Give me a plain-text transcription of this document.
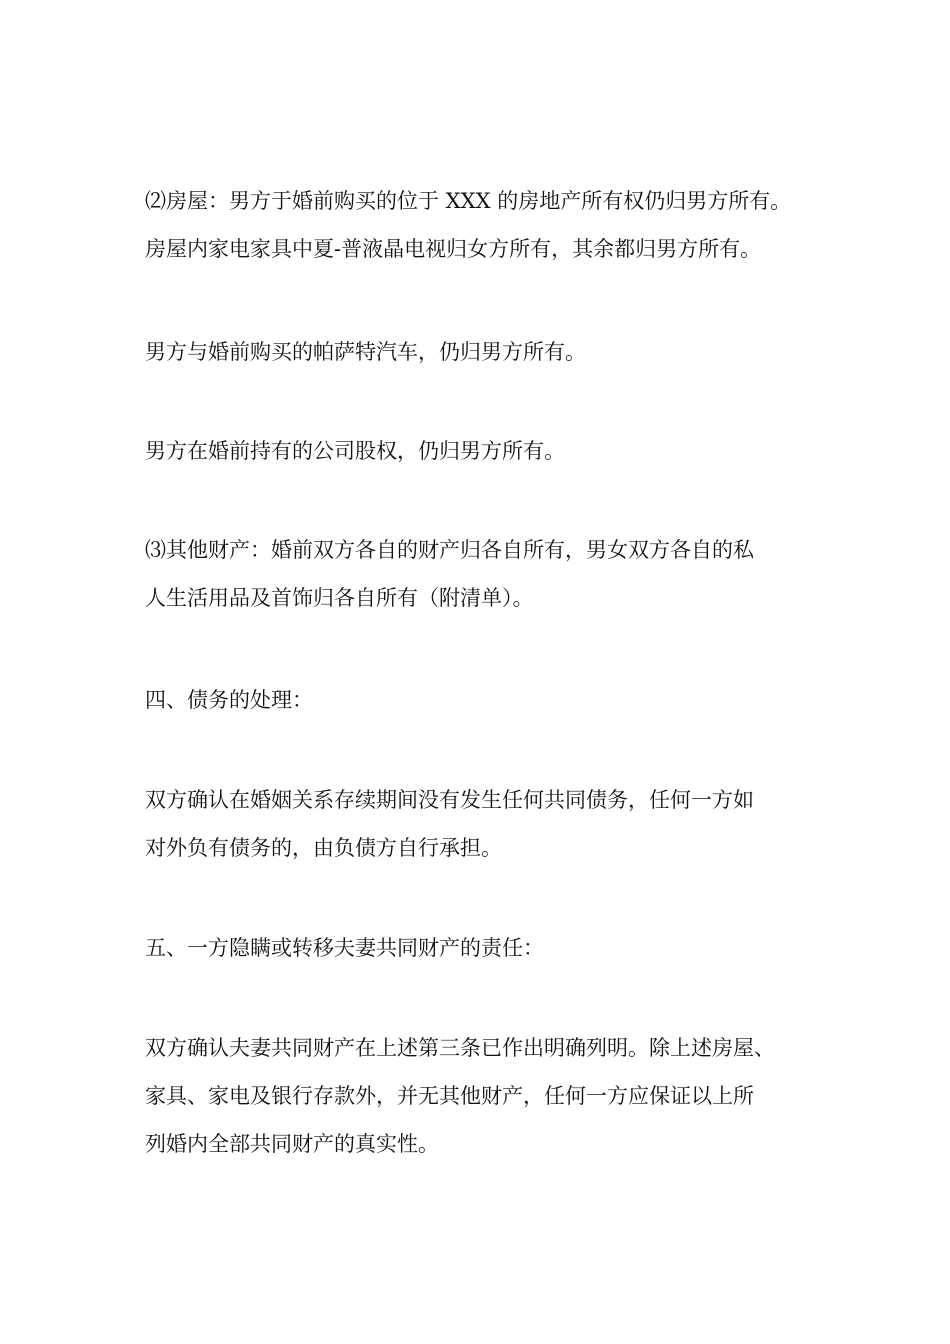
⑵房屋：男方于婚前购买的位于 XXX 的房地产所有权仍归男方所有。
房屋内家电家具中夏-普液晶电视归女方所有，其余都归男方所有。

男方与婚前购买的帕萨特汽车，仍归男方所有。

男方在婚前持有的公司股权，仍归男方所有。

⑶其他财产：婚前双方各自的财产归各自所有，男女双方各自的私
人生活用品及首饰归各自所有（附清单）。

四、债务的处理：

双方确认在婚姻关系存续期间没有发生任何共同债务，任何一方如
对外负有债务的，由负债方自行承担。

五、一方隐瞒或转移夫妻共同财产的责任：

双方确认夫妻共同财产在上述第三条已作出明确列明。除上述房屋、
家具、家电及银行存款外，并无其他财产，任何一方应保证以上所
列婚内全部共同财产的真实性。
